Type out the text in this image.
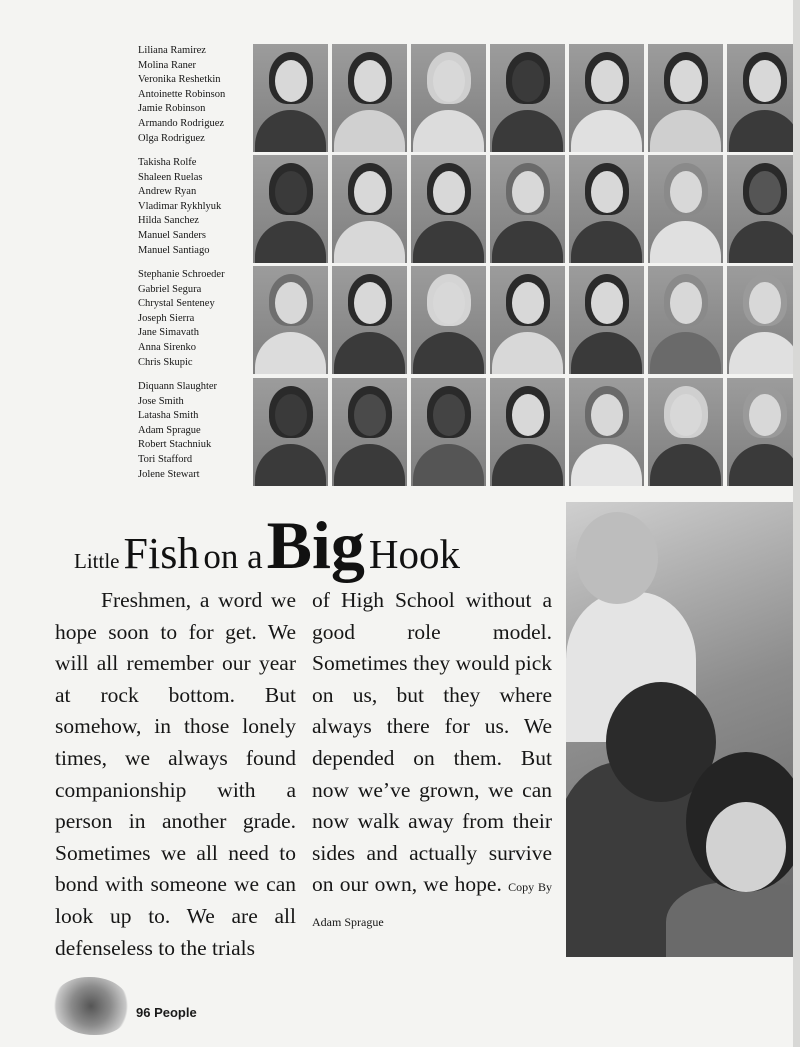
Liliana Ramirez
Molina Raner
Veronika Reshetkin
Antoinette Robinson
Jamie Robinson
Armando Rodriguez
Olga Rodriguez
Takisha Rolfe
Shaleen Ruelas
Andrew Ryan
Vladimar Rykhlyuk
Hilda Sanchez
Manuel Sanders
Manuel Santiago
Stephanie Schroeder
Gabriel Segura
Chrystal Senteney
Joseph Sierra
Jane Simavath
Anna Sirenko
Chris Skupic
Diquann Slaughter
Jose Smith
Latasha Smith
Adam Sprague
Robert Stachniuk
Tori Stafford
Jolene Stewart
Little Fish on a Big Hook
Freshmen, a word we hope soon to for get. We will all remember our year at rock bottom. But somehow, in those lonely times, we always found companionship with a person in another grade. Sometimes we all need to bond with someone we can look up to. We are all defenseless to the trials
of High School without a good role model. Sometimes they would pick on us, but they where always there for us. We depended on them. But now we’ve grown, we can now walk away from their sides and actually survive on our own, we hope. Copy By Adam Sprague
96 People
